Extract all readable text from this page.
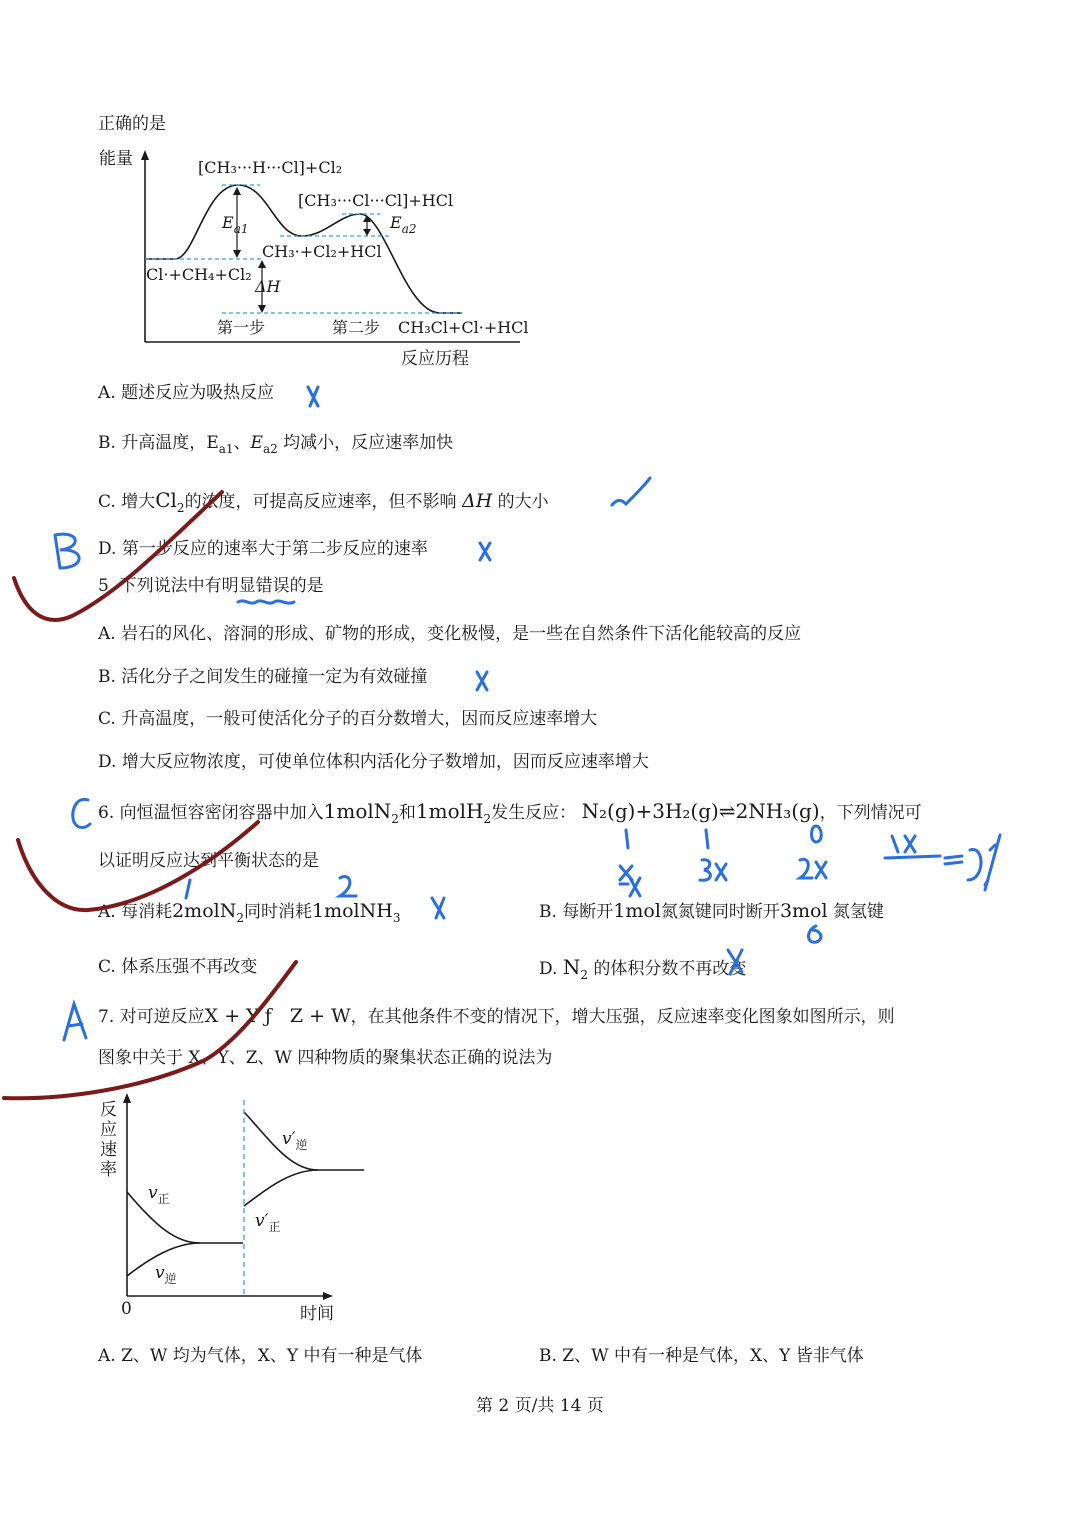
正确的是
能量	[CH₃···H···Cl]+Cl₂
[CH₃···Cl···Cl]+HCl
$E_{a1}$	$E_{a2}$
CH₃·+Cl₂+HCl
Cl·+CH₄+Cl₂
ΔH
第一步	第二步 CH₃Cl+Cl·+HCl
反应历程
A. 题述反应为吸热反应
B. 升高温度，$E_{a1}$、$E_{a2}$ 均减小，反应速率加快
C. 增大$Cl_2$的浓度，可提高反应速率，但不影响 ΔH 的大小
D. 第一步反应的速率大于第二步反应的速率
5. 下列说法中有明显错误的是
A. 岩石的风化、溶洞的形成、矿物的形成，变化极慢，是一些在自然条件下活化能较高的反应
B. 活化分子之间发生的碰撞一定为有效碰撞
C. 升高温度，一般可使活化分子的百分数增大，因而反应速率增大
D. 增大反应物浓度，可使单位体积内活化分子数增加，因而反应速率增大
6. 向恒温恒容密闭容器中加入1molN$_2$和1molH$_2$发生反应： N₂(g)+3H₂(g)⇌2NH₃(g)，下列情况可
以证明反应达到平衡状态的是
A. 每消耗2molN$_2$同时消耗1molNH$_3$	B. 每断开1mol氮氮键同时断开3mol 氮氢键
C. 体系压强不再改变	D. $N_2$ 的体积分数不再改变
7. 对可逆反应X + Y ƒ   Z + W，在其他条件不变的情况下，增大压强，反应速率变化图象如图所示，则
图象中关于 X、Y、Z、W 四种物质的聚集状态正确的说法为
反
应
速
率
$v_正$
$v_逆$
$v'_逆$
$v'_正$
0	时间
A. Z、W 均为气体，X、Y 中有一种是气体	B. Z、W 中有一种是气体，X、Y 皆非气体
第 2 页/共 14 页
